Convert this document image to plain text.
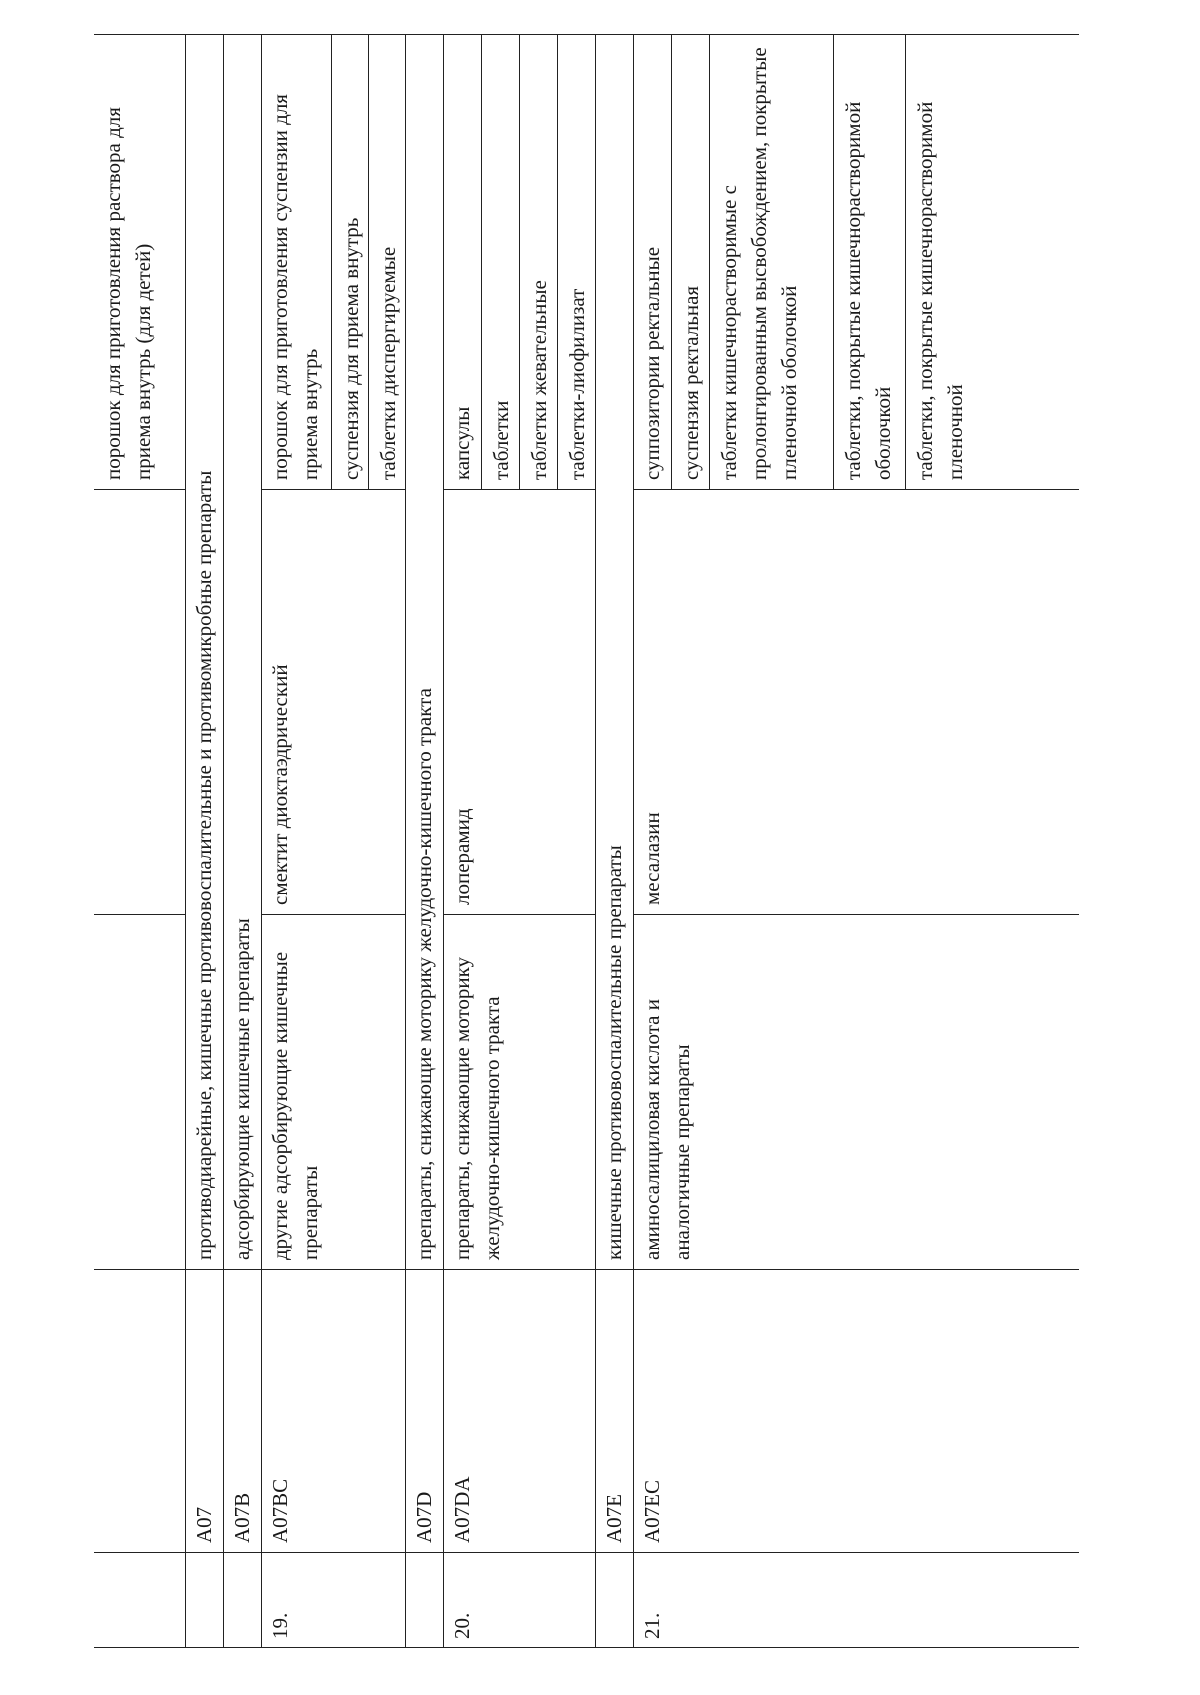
порошок для приготовления раствора для приема внутрь (для детей)
A07
противодиарейные, кишечные противовоспалительные и противомикробные препараты
A07B
адсорбирующие кишечные препараты
19.
A07BC
другие адсорбирующие кишечные препараты
смектит диоктаэдрический

порошок для приготовления суспензии для приема внутрь суспензия для приема внутрь таблетки диспергируемые

A07D
препараты, снижающие моторику желудочно-кишечного тракта
20.
A07DA
препараты, снижающие моторику желудочно-кишечного тракта
лоперамид

капсулы таблетки таблетки жевательные таблетки-лиофилизат

A07E
кишечные противовоспалительные препараты
21.
A07EC
аминосалициловая кислота и аналогичные препараты
месалазин

суппозитории ректальные суспензия ректальная таблетки кишечнорастворимые с пролонгированным высвобождением, покрытые пленочной оболочкой	таблетки, покрытые кишечнорастворимой оболочкой таблетки, покрытые кишечнорастворимой пленочной
